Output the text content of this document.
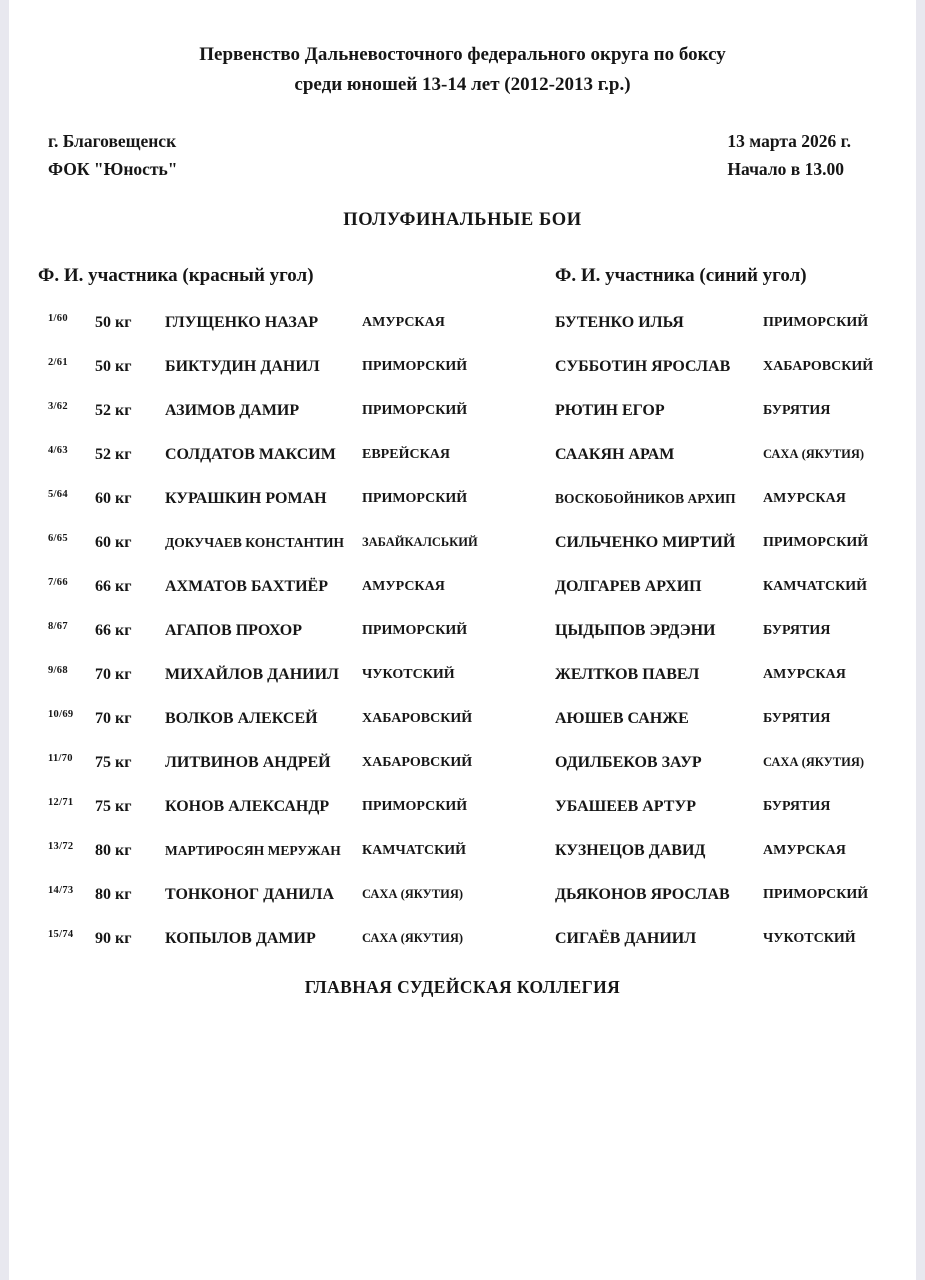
Первенство Дальневосточного федерального округа по боксу
среди юношей 13-14 лет (2012-2013 г.р.)
г. Благовещенск
ФОК "Юность"
13 марта 2026 г.
Начало в 13.00
ПОЛУФИНАЛЬНЫЕ БОИ
Ф. И. участника (красный угол)	Ф. И. участника (синий угол)
1/60	50 кг	ГЛУЩЕНКО НАЗАР	АМУРСКАЯ	БУТЕНКО ИЛЬЯ	ПРИМОРСКИЙ
2/61	50 кг	БИКТУДИН ДАНИЛ	ПРИМОРСКИЙ	СУББОТИН ЯРОСЛАВ	ХАБАРОВСКИЙ
3/62	52 кг	АЗИМОВ ДАМИР	ПРИМОРСКИЙ	РЮТИН ЕГОР	БУРЯТИЯ
4/63	52 кг	СОЛДАТОВ МАКСИМ	ЕВРЕЙСКАЯ	СААКЯН АРАМ	САХА (ЯКУТИЯ)
5/64	60 кг	КУРАШКИН РОМАН	ПРИМОРСКИЙ	ВОСКОБОЙНИКОВ АРХИП	АМУРСКАЯ
6/65	60 кг	ДОКУЧАЕВ КОНСТАНТИН	ЗАБАЙКАЛСЬКИЙ	СИЛЬЧЕНКО МИРТИЙ	ПРИМОРСКИЙ
7/66	66 кг	АХМАТОВ БАХТИЁР	АМУРСКАЯ	ДОЛГАРЕВ АРХИП	КАМЧАТСКИЙ
8/67	66 кг	АГАПОВ ПРОХОР	ПРИМОРСКИЙ	ЦЫДЫПОВ ЭРДЭНИ	БУРЯТИЯ
9/68	70 кг	МИХАЙЛОВ ДАНИИЛ	ЧУКОТСКИЙ	ЖЕЛТКОВ ПАВЕЛ	АМУРСКАЯ
10/69	70 кг	ВОЛКОВ АЛЕКСЕЙ	ХАБАРОВСКИЙ	АЮШЕВ САНЖЕ	БУРЯТИЯ
11/70	75 кг	ЛИТВИНОВ АНДРЕЙ	ХАБАРОВСКИЙ	ОДИЛБЕКОВ ЗАУР	САХА (ЯКУТИЯ)
12/71	75 кг	КОНОВ АЛЕКСАНДР	ПРИМОРСКИЙ	УБАШЕЕВ АРТУР	БУРЯТИЯ
13/72	80 кг	МАРТИРОСЯН МЕРУЖАН	КАМЧАТСКИЙ	КУЗНЕЦОВ ДАВИД	АМУРСКАЯ
14/73	80 кг	ТОНКОНОГ ДАНИЛА	САХА (ЯКУТИЯ)	ДЬЯКОНОВ ЯРОСЛАВ	ПРИМОРСКИЙ
15/74	90 кг	КОПЫЛОВ ДАМИР	САХА (ЯКУТИЯ)	СИГАЁВ ДАНИИЛ	ЧУКОТСКИЙ
ГЛАВНАЯ СУДЕЙСКАЯ КОЛЛЕГИЯ
